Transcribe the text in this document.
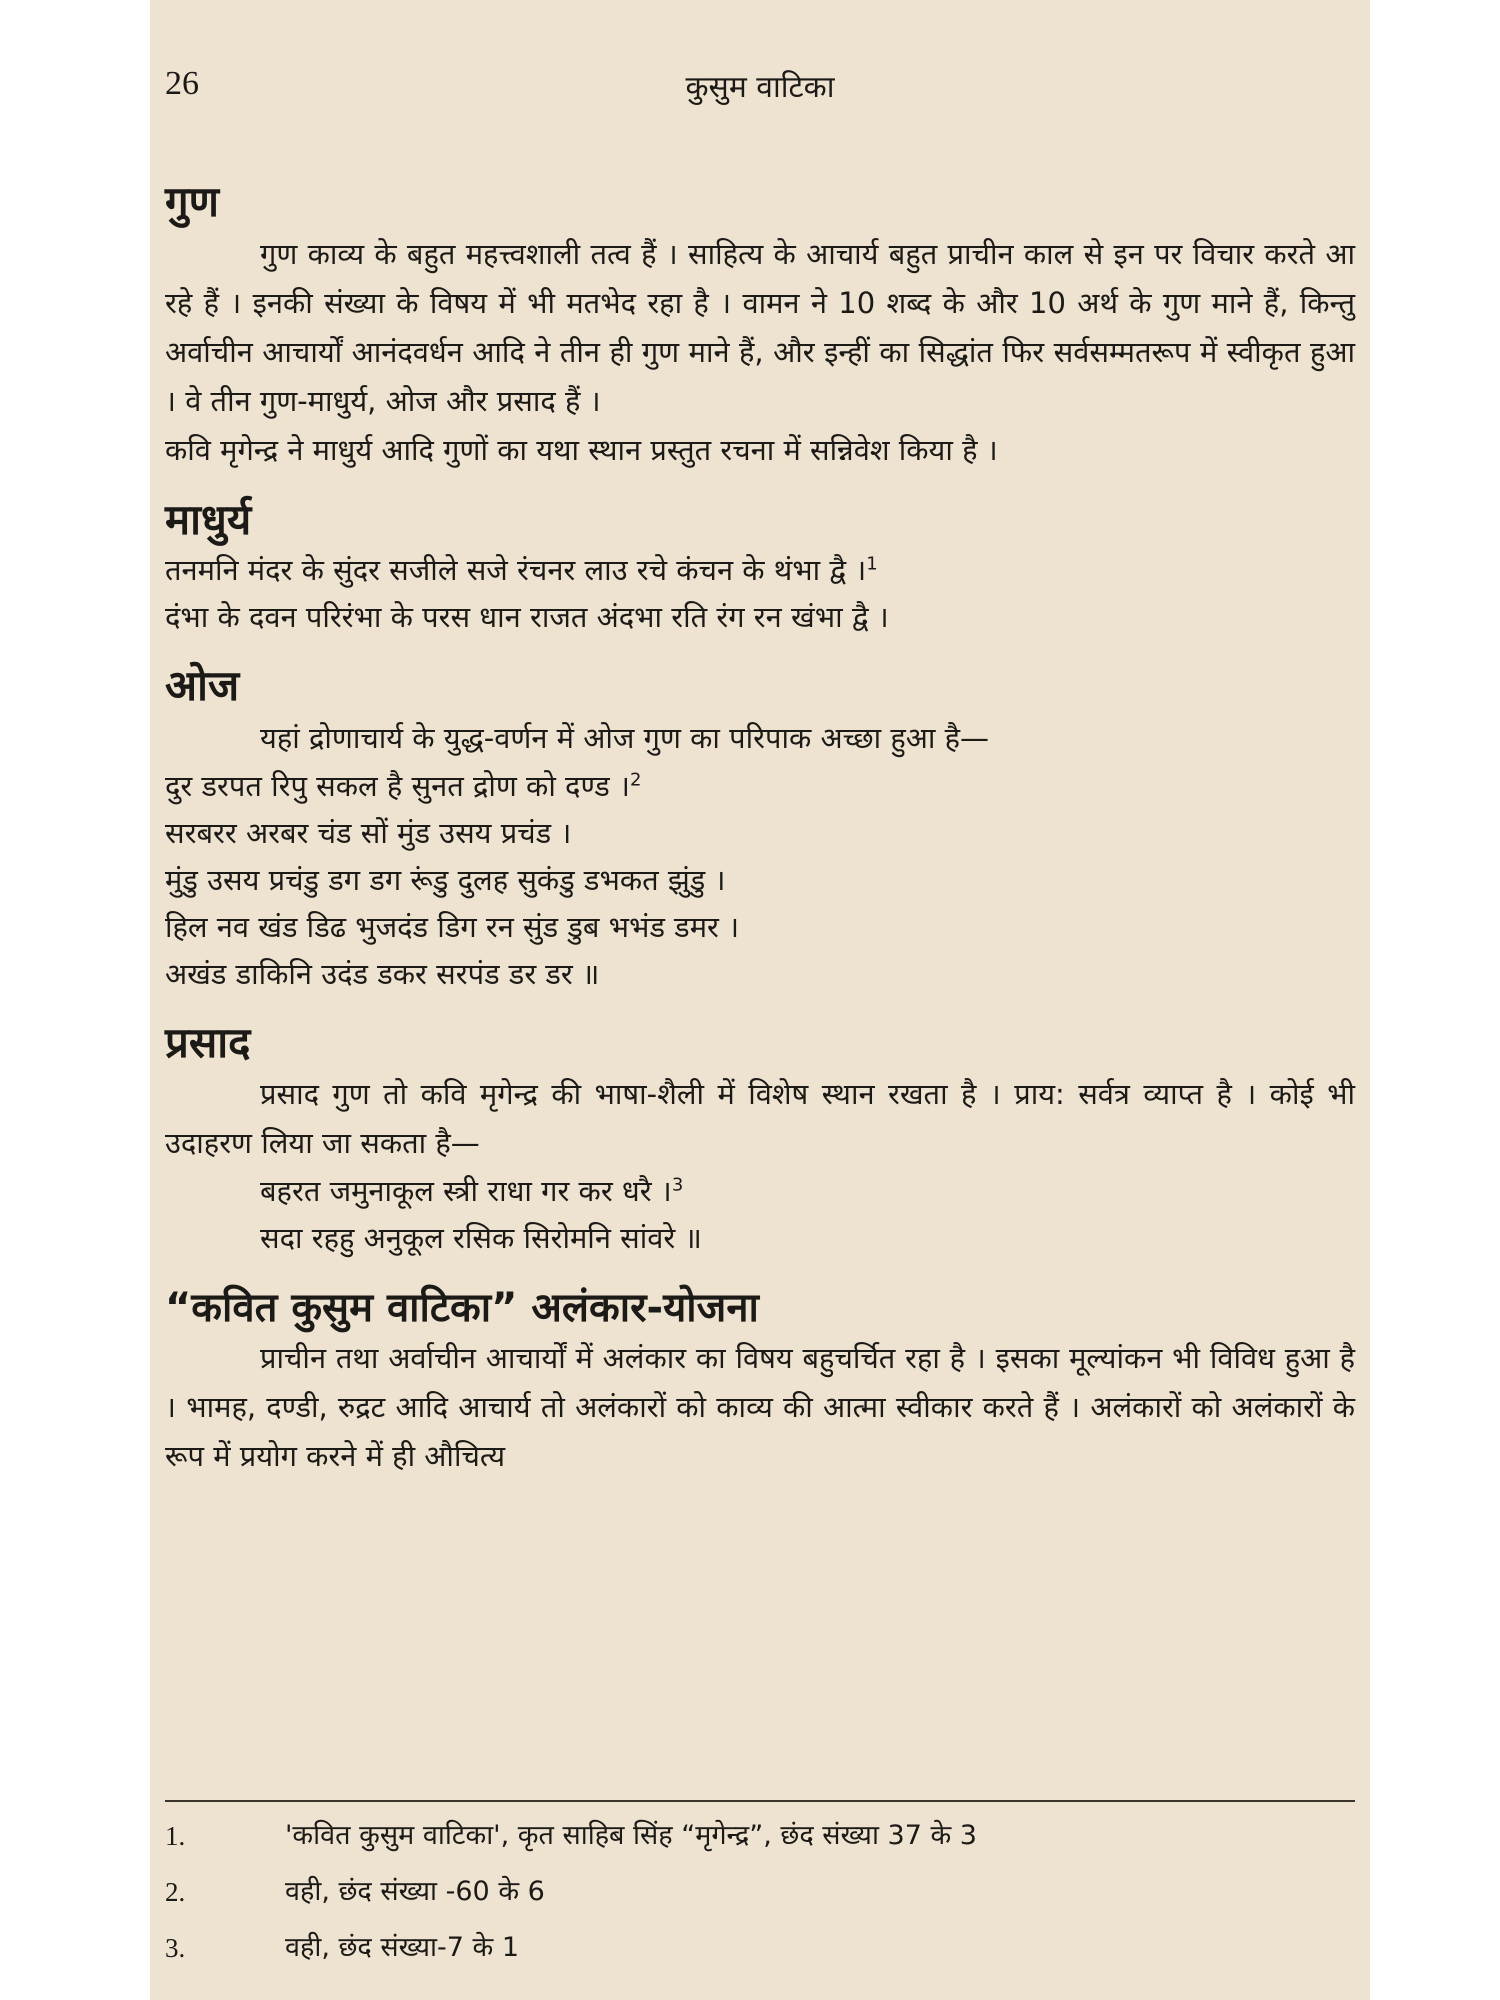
26	कुसुम वाटिका
गुण

गुण काव्य के बहुत महत्त्वशाली तत्व हैं । साहित्य के आचार्य बहुत प्राचीन काल से इन पर विचार करते आ रहे हैं । इनकी संख्या के विषय में भी मतभेद रहा है । वामन ने 10 शब्द के और 10 अर्थ के गुण माने हैं, किन्तु अर्वाचीन आचार्यों आनंदवर्धन आदि ने तीन ही गुण माने हैं, और इन्हीं का सिद्धांत फिर सर्वसम्मतरूप में स्वीकृत हुआ । वे तीन गुण-माधुर्य, ओज और प्रसाद हैं ।

कवि मृगेन्द्र ने माधुर्य आदि गुणों का यथा स्थान प्रस्तुत रचना में सन्निवेश किया है ।

माधुर्य
तनमनि मंदर के सुंदर सजीले सजे रंचनर लाउ रचे कंचन के थंभा द्वै ।$^1$
दंभा के दवन परिरंभा के परस धान राजत अंदभा रति रंग रन खंभा द्वै ।
ओज

यहां द्रोणाचार्य के युद्ध-वर्णन में ओज गुण का परिपाक अच्छा हुआ है—

दुर डरपत रिपु सकल है सुनत द्रोण को दण्ड ।$^2$
सरबरर अरबर चंड सों मुंड उसय प्रचंड ।
मुंडु उसय प्रचंडु डग डग रूंडु दुलह सुकंडु डभकत झुंडु ।
हिल नव खंड डिढ भुजदंड डिग रन सुंड डुब भभंड डमर ।
अखंड डाकिनि उदंड डकर सरपंड डर डर ॥
प्रसाद

प्रसाद गुण तो कवि मृगेन्द्र की भाषा-शैली में विशेष स्थान रखता है । प्राय: सर्वत्र व्याप्त है । कोई भी उदाहरण लिया जा सकता है—

बहरत जमुनाकूल स्त्री राधा गर कर धरै ।$^3$
सदा रहहु अनुकूल रसिक सिरोमनि सांवरे ॥
“कवित कुसुम वाटिका” अलंकार-योजना

प्राचीन तथा अर्वाचीन आचार्यों में अलंकार का विषय बहुचर्चित रहा है । इसका मूल्यांकन भी विविध हुआ है । भामह, दण्डी, रुद्रट आदि आचार्य तो अलंकारों को काव्य की आत्मा स्वीकार करते हैं । अलंकारों को अलंकारों के रूप में प्रयोग करने में ही औचित्य

1.	'कवित कुसुम वाटिका', कृत साहिब सिंह “मृगेन्द्र”, छंद संख्या 37 के 3
2.	वही, छंद संख्या -60 के 6
3.	वही, छंद संख्या-7 के 1
